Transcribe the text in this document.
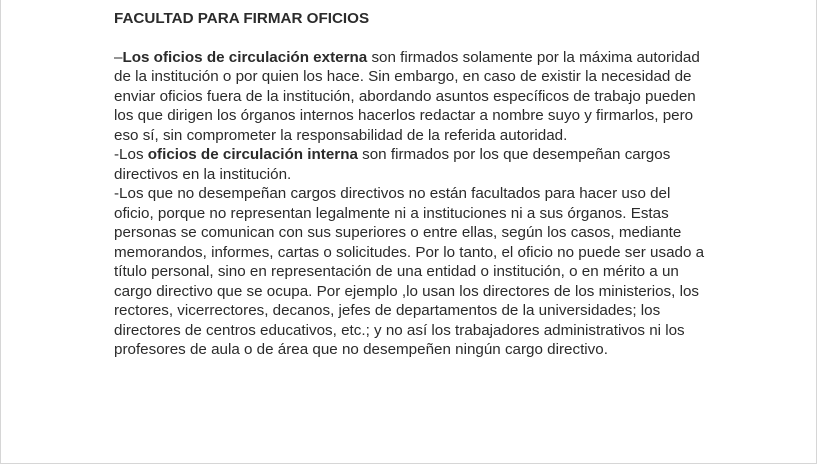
FACULTAD PARA FIRMAR OFICIOS

–Los oficios de circulación externa son firmados solamente por la máxima autoridad de la institución o por quien los hace. Sin embargo, en caso de existir la necesidad de enviar oficios fuera de la institución, abordando asuntos específicos de trabajo pueden los que dirigen los órganos internos hacerlos redactar a nombre suyo y firmarlos, pero eso sí, sin comprometer la responsabilidad de la referida autoridad.

-Los oficios de circulación interna son firmados por los que desempeñan cargos directivos en la institución.

-Los que no desempeñan cargos directivos no están facultados para hacer uso del oficio, porque no representan legalmente ni a instituciones ni a sus órganos. Estas personas se comunican con sus superiores o entre ellas, según los casos, mediante memorandos, informes, cartas o solicitudes. Por lo tanto, el oficio no puede ser usado a título personal, sino en representación de una entidad o institución, o en mérito a un cargo directivo que se ocupa. Por ejemplo ,lo usan los directores de los ministerios, los rectores, vicerrectores, decanos, jefes de departamentos de la universidades; los directores de centros educativos, etc.; y no así los trabajadores administrativos ni los profesores de aula o de área que no desempeñen ningún cargo directivo.
